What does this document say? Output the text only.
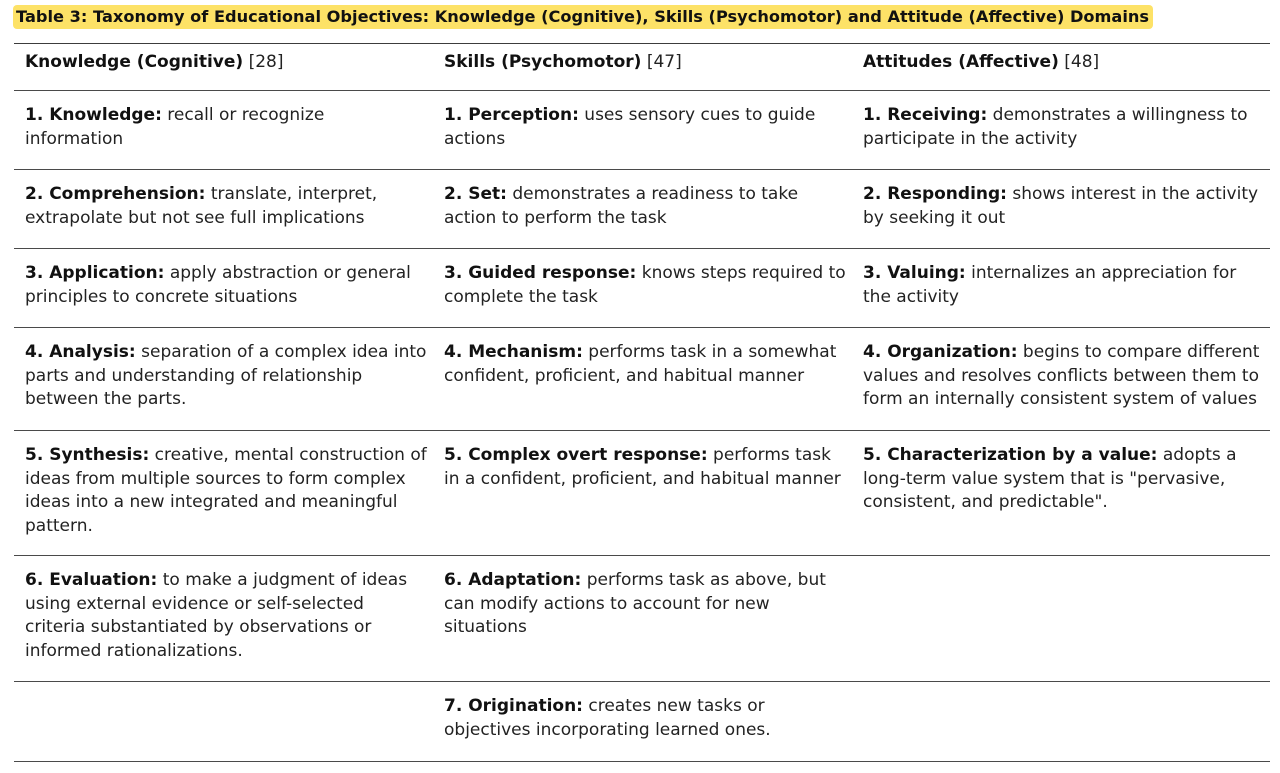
Table 3: Taxonomy of Educational Objectives: Knowledge (Cognitive), Skills (Psychomotor) and Attitude (Affective) Domains
Knowledge (Cognitive) [28]	Skills (Psychomotor) [47]	Attitudes (Affective) [48]
1. Knowledge: recall or recognize information
1. Perception: uses sensory cues to guide actions
1. Receiving: demonstrates a willingness to participate in the activity
2. Comprehension: translate, interpret, extrapolate but not see full implications
2. Set: demonstrates a readiness to take action to perform the task
2. Responding: shows interest in the activity by seeking it out
3. Application: apply abstraction or general principles to concrete situations
3. Guided response: knows steps required to complete the task
3. Valuing: internalizes an appreciation for the activity
4. Analysis: separation of a complex idea into parts and understanding of relationship between the parts.
4. Mechanism: performs task in a somewhat confident, proficient, and habitual manner
4. Organization: begins to compare different values and resolves conflicts between them to form an internally consistent system of values
5. Synthesis: creative, mental construction of ideas from multiple sources to form complex ideas into a new integrated and meaningful pattern.
5. Complex overt response: performs task in a confident, proficient, and habitual manner
5. Characterization by a value: adopts a long-term value system that is "pervasive, consistent, and predictable".
6. Evaluation: to make a judgment of ideas using external evidence or self-selected criteria substantiated by observations or informed rationalizations.
6. Adaptation: performs task as above, but can modify actions to account for new situations
7. Origination: creates new tasks or objectives incorporating learned ones.
